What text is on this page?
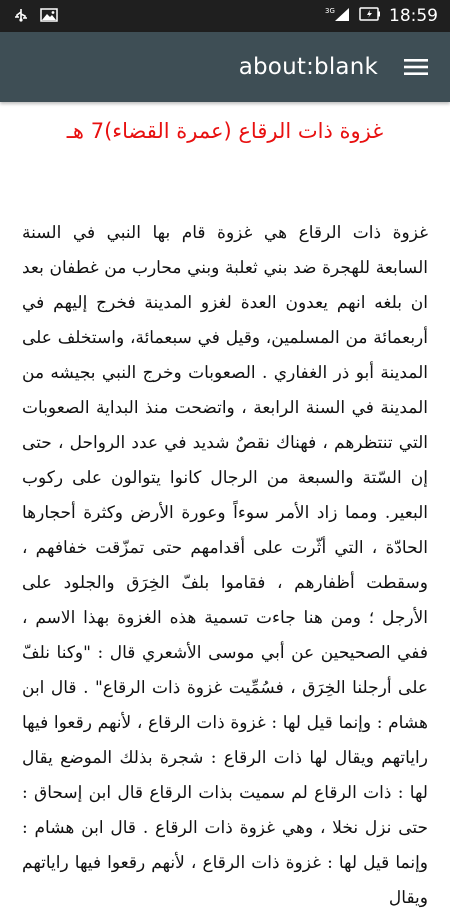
3G	18:59
about:blank
غزوة ذات الرقاع (عمرة القضاء)7 هـ

غزوة ذات الرقاع هي غزوة قام بها النبي في السنة السابعة للهجرة ضد بني ثعلبة وبني محارب من غطفان بعد ان بلغه انهم يعدون العدة لغزو المدينة فخرج إليهم في أربعمائة من المسلمين، وقيل في سبعمائة، واستخلف على المدينة أبو ذر الغفاري . الصعوبات وخرج النبي بجيشه من المدينة في السنة الرابعة ، واتضحت منذ البداية الصعوبات التي تنتظرهم ، فهناك نقصٌ شديد في عدد الرواحل ، حتى إن السّتة والسبعة من الرجال كانوا يتوالون على ركوب البعير. ومما زاد الأمر سوءاً وعورة الأرض وكثرة أحجارها الحادّة ، التي أثّرت على أقدامهم حتى تمزّقت خفافهم ، وسقطت أظفارهم ، فقاموا بلفّ الخِرَق والجلود على الأرجل ؛ ومن هنا جاءت تسمية هذه الغزوة بهذا الاسم ، ففي الصحيحين عن أبي موسى الأشعري قال : "وكنا نلفّ على أرجلنا الخِرَق ، فسُمِّيت غزوة ذات الرقاع" . قال ابن هشام : وإنما قيل لها : غزوة ذات الرقاع ، لأنهم رقعوا فيها راياتهم ويقال لها ذات الرقاع : شجرة بذلك الموضع يقال لها : ذات الرقاع لم سميت بذات الرقاع قال ابن إسحاق : حتى نزل نخلا ، وهي غزوة ذات الرقاع . قال ابن هشام : وإنما قيل لها : غزوة ذات الرقاع ، لأنهم رقعوا فيها راياتهم ويقال
